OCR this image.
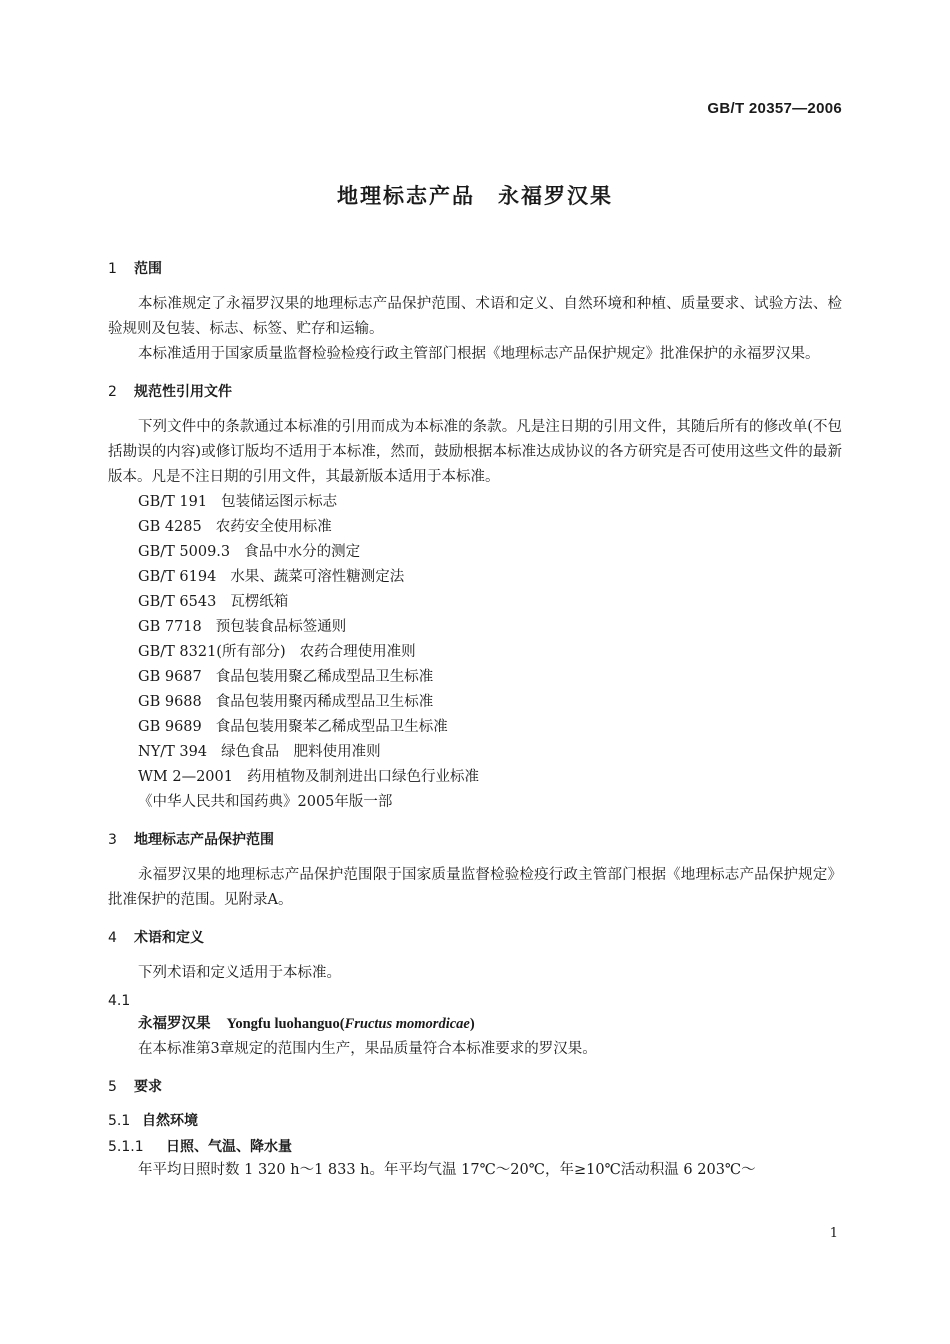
GB/T 20357—2006
地理标志产品　永福罗汉果
1 范围

本标准规定了永福罗汉果的地理标志产品保护范围、术语和定义、自然环境和种植、质量要求、试验方法、检验规则及包装、标志、标签、贮存和运输。

本标准适用于国家质量监督检验检疫行政主管部门根据《地理标志产品保护规定》批准保护的永福罗汉果。

2 规范性引用文件

下列文件中的条款通过本标准的引用而成为本标准的条款。凡是注日期的引用文件，其随后所有的修改单(不包括勘误的内容)或修订版均不适用于本标准，然而，鼓励根据本标准达成协议的各方研究是否可使用这些文件的最新版本。凡是不注日期的引用文件，其最新版本适用于本标准。

GB/T 191 包装储运图示标志
GB 4285 农药安全使用标准
GB/T 5009.3 食品中水分的测定
GB/T 6194 水果、蔬菜可溶性糖测定法
GB/T 6543 瓦楞纸箱
GB 7718 预包装食品标签通则
GB/T 8321(所有部分) 农药合理使用准则
GB 9687 食品包装用聚乙稀成型品卫生标准
GB 9688 食品包装用聚丙稀成型品卫生标准
GB 9689 食品包装用聚苯乙稀成型品卫生标准
NY/T 394 绿色食品　肥料使用准则
WM 2—2001 药用植物及制剂进出口绿色行业标准
《中华人民共和国药典》2005年版一部
3 地理标志产品保护范围

永福罗汉果的地理标志产品保护范围限于国家质量监督检验检疫行政主管部门根据《地理标志产品保护规定》批准保护的范围。见附录A。

4 术语和定义

下列术语和定义适用于本标准。

4.1
永福罗汉果 Yongfu luohanguo(Fructus momordicae)

在本标准第3章规定的范围内生产，果品质量符合本标准要求的罗汉果。

5 要求
5.1 自然环境
5.1.1 日照、气温、降水量

年平均日照时数 1 320 h～1 833 h。年平均气温 17℃～20℃，年≥10℃活动积温 6 203℃～

1
